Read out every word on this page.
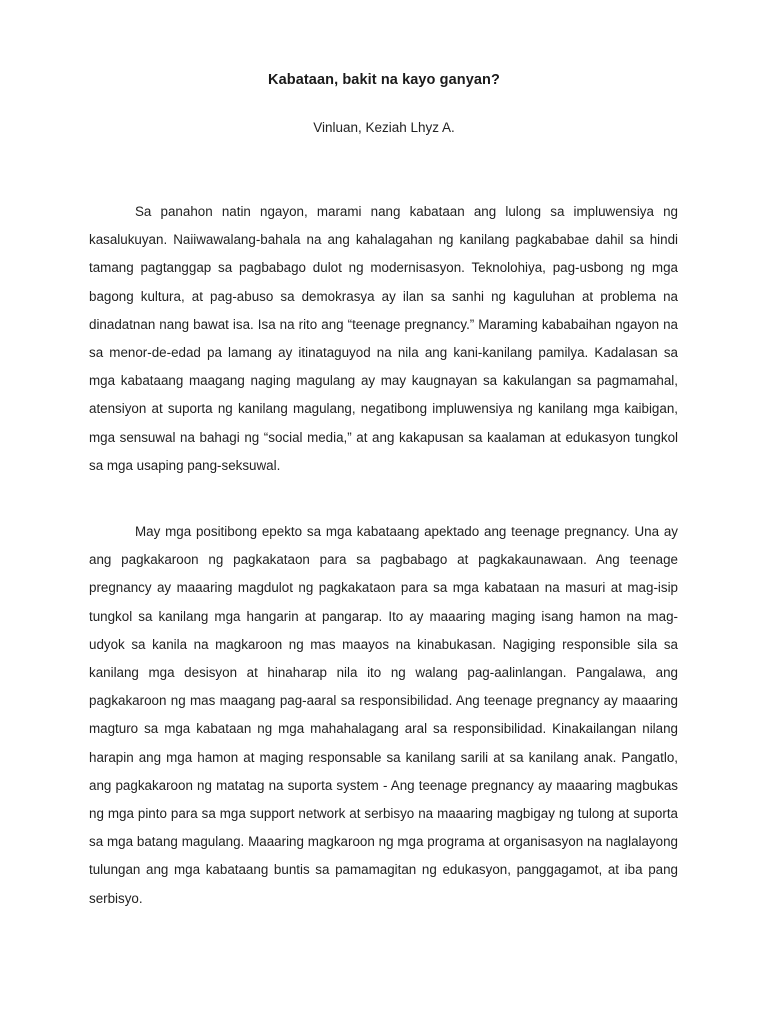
Kabataan, bakit na kayo ganyan?
Vinluan, Keziah Lhyz A.

Sa panahon natin ngayon, marami nang kabataan ang lulong sa impluwensiya ng kasalukuyan. Naiiwawalang-bahala na ang kahalagahan ng kanilang pagkababae dahil sa hindi tamang pagtanggap sa pagbabago dulot ng modernisasyon. Teknolohiya, pag-usbong ng mga bagong kultura, at pag-abuso sa demokrasya ay ilan sa sanhi ng kaguluhan at problema na dinadatnan nang bawat isa. Isa na rito ang “teenage pregnancy.” Maraming kababaihan ngayon na sa menor-de-edad pa lamang ay itinataguyod na nila ang kani-kanilang pamilya. Kadalasan sa mga kabataang maagang naging magulang ay may kaugnayan sa kakulangan sa pagmamahal, atensiyon at suporta ng kanilang magulang, negatibong impluwensiya ng kanilang mga kaibigan, mga sensuwal na bahagi ng “social media,” at ang kakapusan sa kaalaman at edukasyon tungkol sa mga usaping pang-seksuwal.

May mga positibong epekto sa mga kabataang apektado ang teenage pregnancy. Una ay ang pagkakaroon ng pagkakataon para sa pagbabago at pagkakaunawaan. Ang teenage pregnancy ay maaaring magdulot ng pagkakataon para sa mga kabataan na masuri at mag-isip tungkol sa kanilang mga hangarin at pangarap. Ito ay maaaring maging isang hamon na mag-udyok sa kanila na magkaroon ng mas maayos na kinabukasan. Nagiging responsible sila sa kanilang mga desisyon at hinaharap nila ito ng walang pag-aalinlangan. Pangalawa, ang pagkakaroon ng mas maagang pag-aaral sa responsibilidad. Ang teenage pregnancy ay maaaring magturo sa mga kabataan ng mga mahahalagang aral sa responsibilidad. Kinakailangan nilang harapin ang mga hamon at maging responsable sa kanilang sarili at sa kanilang anak. Pangatlo, ang pagkakaroon ng matatag na suporta system - Ang teenage pregnancy ay maaaring magbukas ng mga pinto para sa mga support network at serbisyo na maaaring magbigay ng tulong at suporta sa mga batang magulang. Maaaring magkaroon ng mga programa at organisasyon na naglalayong tulungan ang mga kabataang buntis sa pamamagitan ng edukasyon, panggagamot, at iba pang serbisyo.
